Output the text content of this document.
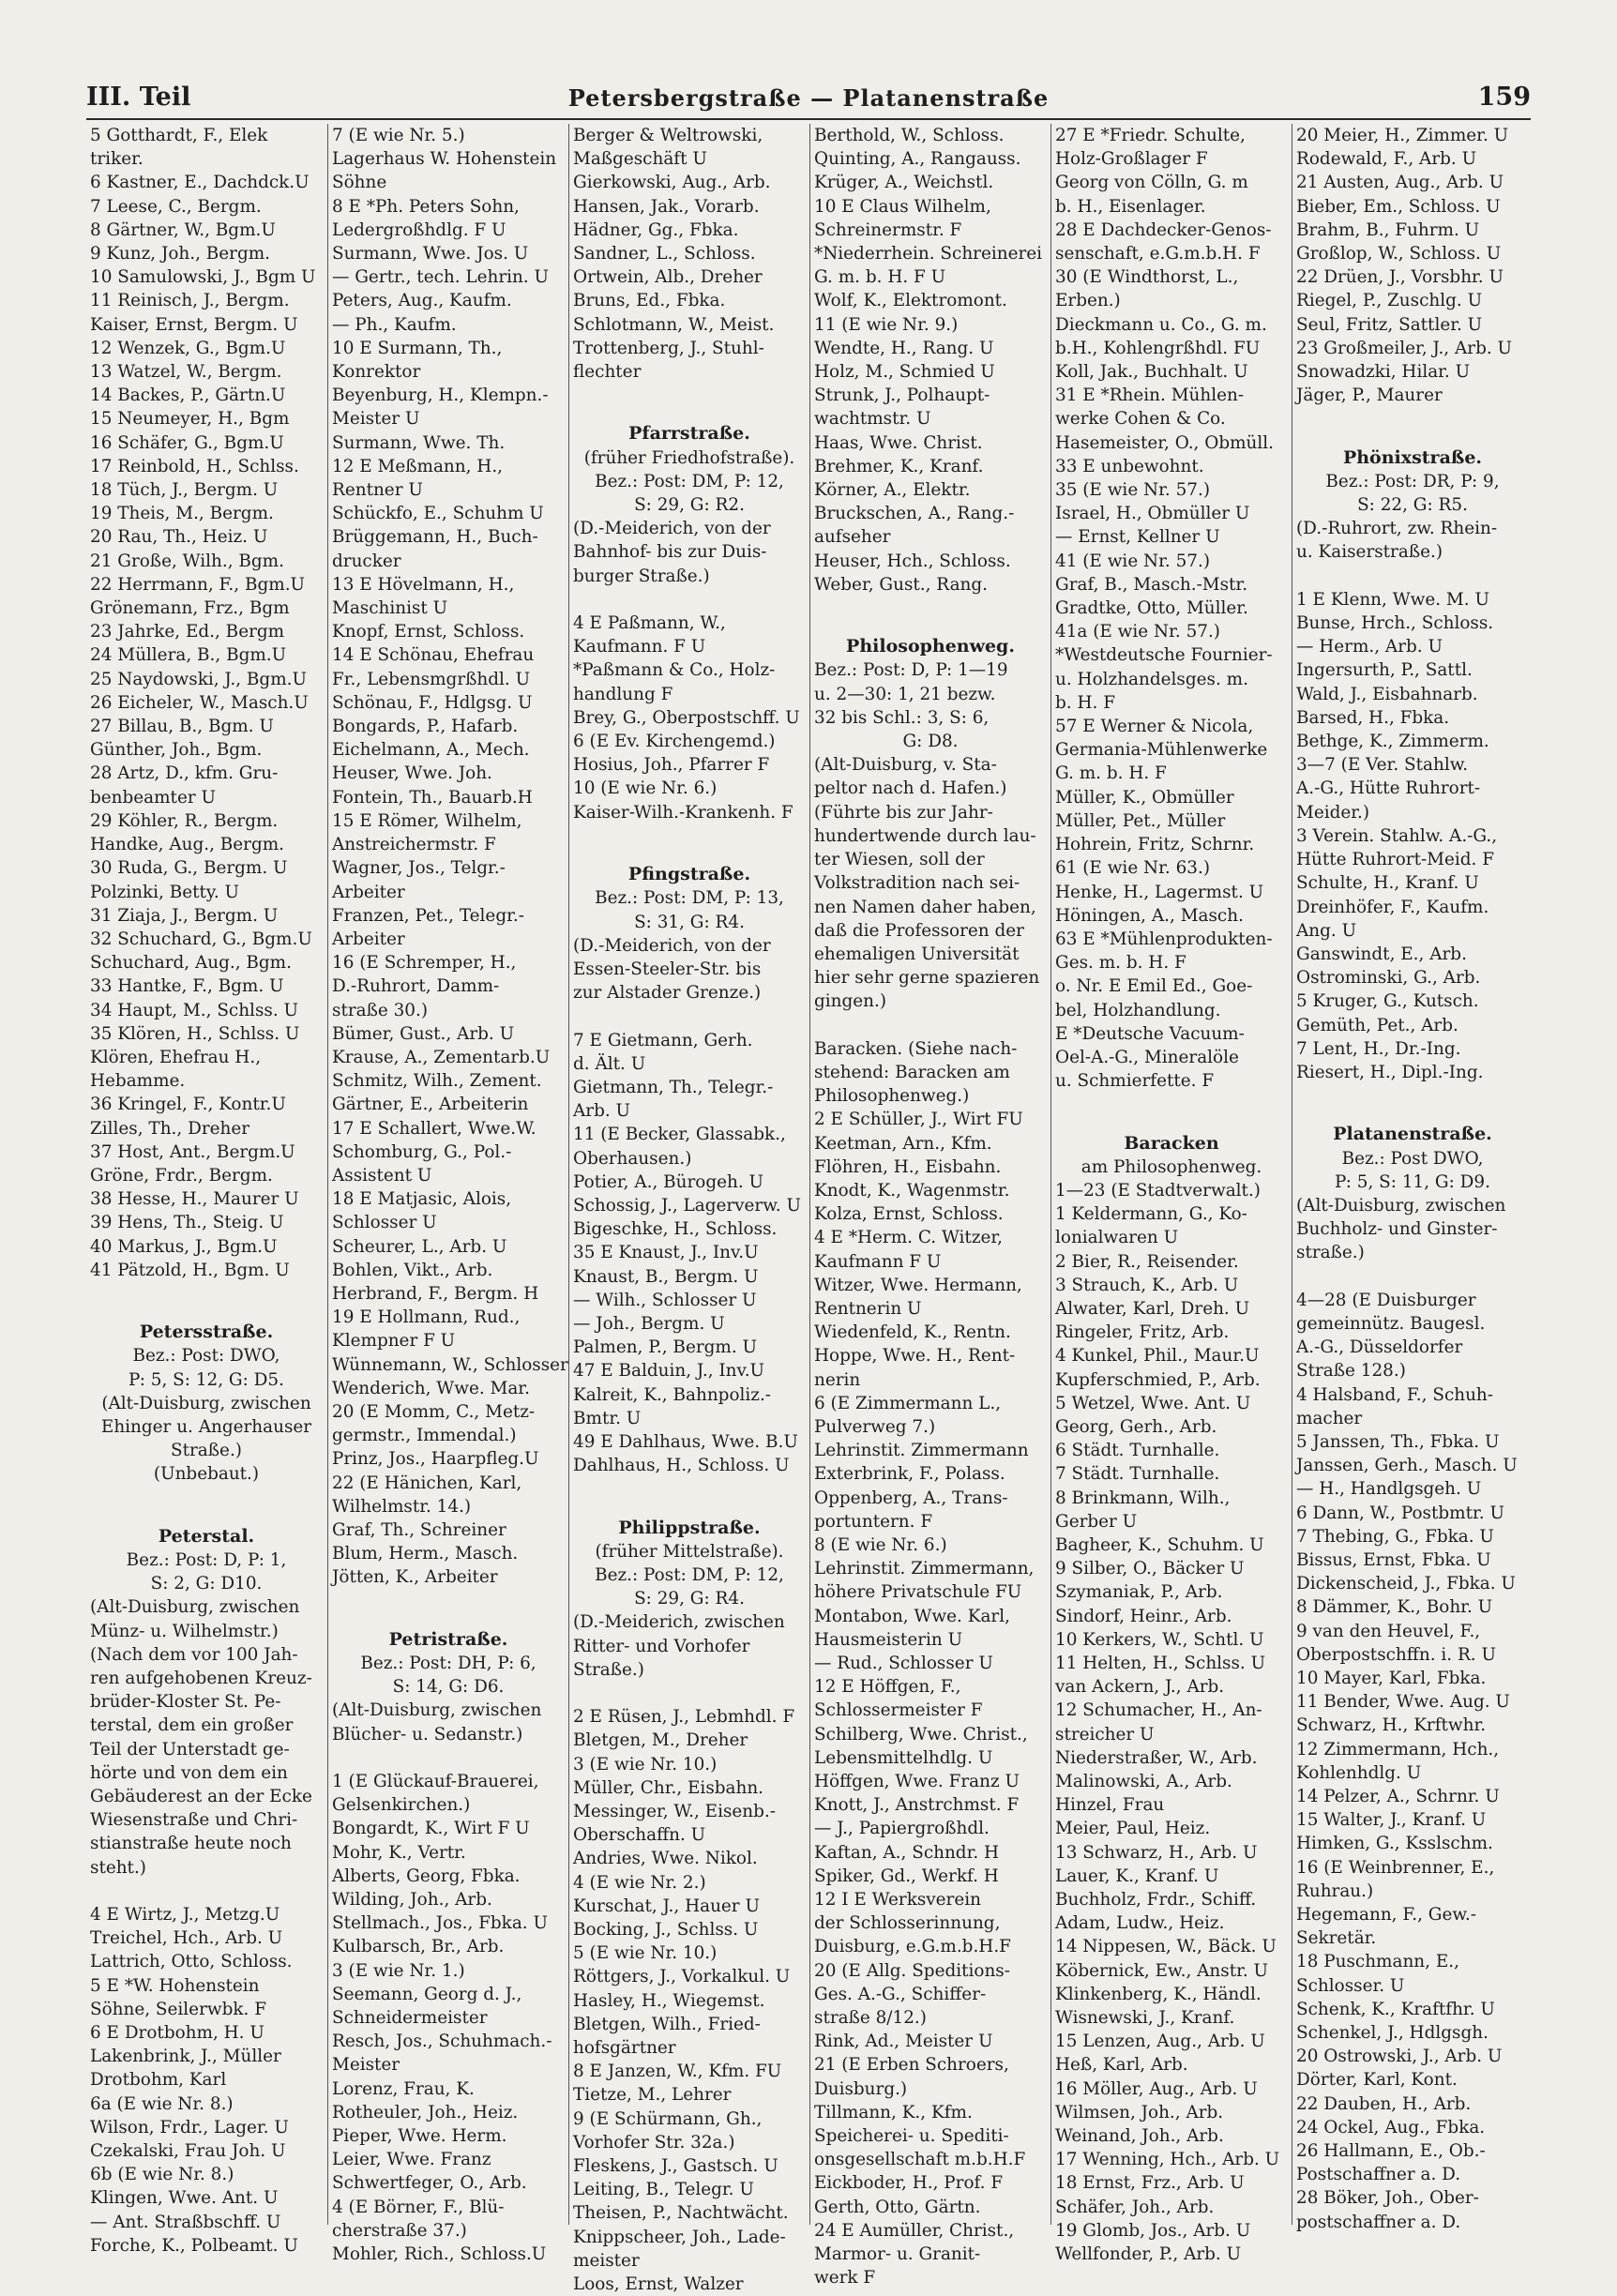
III. Teil	Petersbergstraße — Platanenstraße	159
5 Gotthardt, F., Elek
triker.
6 Kastner, E., Dachdck.U
7 Leese, C., Bergm.
8 Gärtner, W., Bgm.U
9 Kunz, Joh., Bergm.
10 Samulowski, J., Bgm U
11 Reinisch, J., Bergm.
Kaiser, Ernst, Bergm. U
12 Wenzek, G., Bgm.U
13 Watzel, W., Bergm.
14 Backes, P., Gärtn.U
15 Neumeyer, H., Bgm
16 Schäfer, G., Bgm.U
17 Reinbold, H., Schlss.
18 Tüch, J., Bergm. U
19 Theis, M., Bergm.
20 Rau, Th., Heiz. U
21 Große, Wilh., Bgm.
22 Herrmann, F., Bgm.U
Grönemann, Frz., Bgm
23 Jahrke, Ed., Bergm
24 Müllera, B., Bgm.U
25 Naydowski, J., Bgm.U
26 Eicheler, W., Masch.U
27 Billau, B., Bgm. U
Günther, Joh., Bgm.
28 Artz, D., kfm. Gru-
benbeamter U
29 Köhler, R., Bergm.
Handke, Aug., Bergm.
30 Ruda, G., Bergm. U
Polzinki, Betty. U
31 Ziaja, J., Bergm. U
32 Schuchard, G., Bgm.U
Schuchard, Aug., Bgm.
33 Hantke, F., Bgm. U
34 Haupt, M., Schlss. U
35 Klören, H., Schlss. U
Klören, Ehefrau H.,
Hebamme.
36 Kringel, F., Kontr.U
Zilles, Th., Dreher
37 Host, Ant., Bergm.U
Gröne, Frdr., Bergm.
38 Hesse, H., Maurer U
39 Hens, Th., Steig. U
40 Markus, J., Bgm.U
41 Pätzold, H., Bgm. U

Petersstraße.
Bez.: Post: DWO,
P: 5, S: 12, G: D5.
(Alt-Duisburg, zwischen
Ehinger u. Angerhauser
Straße.)
(Unbebaut.)

Peterstal.
Bez.: Post: D, P: 1,
S: 2, G: D10.
(Alt-Duisburg, zwischen
Münz- u. Wilhelmstr.)
(Nach dem vor 100 Jah-
ren aufgehobenen Kreuz-
brüder-Kloster St. Pe-
terstal, dem ein großer
Teil der Unterstadt ge-
hörte und von dem ein
Gebäuderest an der Ecke
Wiesenstraße und Chri-
stianstraße heute noch
steht.)

4 E Wirtz, J., Metzg.U
Treichel, Hch., Arb. U
Lattrich, Otto, Schloss.
5 E *W. Hohenstein
Söhne, Seilerwbk. F
6 E Drotbohm, H. U
Lakenbrink, J., Müller
Drotbohm, Karl
6a (E wie Nr. 8.)
Wilson, Frdr., Lager. U
Czekalski, Frau Joh. U
6b (E wie Nr. 8.)
Klingen, Wwe. Ant. U
— Ant. Straßbschff. U
Forche, K., Polbeamt. U
7 (E wie Nr. 5.)
Lagerhaus W. Hohenstein
Söhne
8 E *Ph. Peters Sohn,
Ledergroßhdlg. F U
Surmann, Wwe. Jos. U
— Gertr., tech. Lehrin. U
Peters, Aug., Kaufm.
— Ph., Kaufm.
10 E Surmann, Th.,
Konrektor
Beyenburg, H., Klempn.-
Meister U
Surmann, Wwe. Th.
12 E Meßmann, H.,
Rentner U
Schückfo, E., Schuhm U
Brüggemann, H., Buch-
drucker
13 E Hövelmann, H.,
Maschinist U
Knopf, Ernst, Schloss.
14 E Schönau, Ehefrau
Fr., Lebensmgrßhdl. U
Schönau, F., Hdlgsg. U
Bongards, P., Hafarb.
Eichelmann, A., Mech.
Heuser, Wwe. Joh.
Fontein, Th., Bauarb.H
15 E Römer, Wilhelm,
Anstreichermstr. F
Wagner, Jos., Telgr.-
Arbeiter
Franzen, Pet., Telegr.-
Arbeiter
16 (E Schremper, H.,
D.-Ruhrort, Damm-
straße 30.)
Bümer, Gust., Arb. U
Krause, A., Zementarb.U
Schmitz, Wilh., Zement.
Gärtner, E., Arbeiterin
17 E Schallert, Wwe.W.
Schomburg, G., Pol.-
Assistent U
18 E Matjasic, Alois,
Schlosser U
Scheurer, L., Arb. U
Bohlen, Vikt., Arb.
Herbrand, F., Bergm. H
19 E Hollmann, Rud.,
Klempner F U
Wünnemann, W., Schlosser
Wenderich, Wwe. Mar.
20 (E Momm, C., Metz-
germstr., Immendal.)
Prinz, Jos., Haarpfleg.U
22 (E Hänichen, Karl,
Wilhelmstr. 14.)
Graf, Th., Schreiner
Blum, Herm., Masch.
Jötten, K., Arbeiter

Petristraße.
Bez.: Post: DH, P: 6,
S: 14, G: D6.
(Alt-Duisburg, zwischen
Blücher- u. Sedanstr.)

1 (E Glückauf-Brauerei,
Gelsenkirchen.)
Bongardt, K., Wirt F U
Mohr, K., Vertr.
Alberts, Georg, Fbka.
Wilding, Joh., Arb.
Stellmach., Jos., Fbka. U
Kulbarsch, Br., Arb.
3 (E wie Nr. 1.)
Seemann, Georg d. J.,
Schneidermeister
Resch, Jos., Schuhmach.-
Meister
Lorenz, Frau, K.
Rotheuler, Joh., Heiz.
Pieper, Wwe. Herm.
Leier, Wwe. Franz
Schwertfeger, O., Arb.
4 (E Börner, F., Blü-
cherstraße 37.)
Mohler, Rich., Schloss.U
Berger & Weltrowski,
Maßgeschäft U
Gierkowski, Aug., Arb.
Hansen, Jak., Vorarb.
Hädner, Gg., Fbka.
Sandner, L., Schloss.
Ortwein, Alb., Dreher
Bruns, Ed., Fbka.
Schlotmann, W., Meist.
Trottenberg, J., Stuhl-
flechter

Pfarrstraße.
(früher Friedhofstraße).
Bez.: Post: DM, P: 12,
S: 29, G: R2.
(D.-Meiderich, von der
Bahnhof- bis zur Duis-
burger Straße.)

4 E Paßmann, W.,
Kaufmann. F U
*Paßmann & Co., Holz-
handlung F
Brey, G., Oberpostschff. U
6 (E Ev. Kirchengemd.)
Hosius, Joh., Pfarrer F
10 (E wie Nr. 6.)
Kaiser-Wilh.-Krankenh. F

Pfingstraße.
Bez.: Post: DM, P: 13,
S: 31, G: R4.
(D.-Meiderich, von der
Essen-Steeler-Str. bis
zur Alstader Grenze.)

7 E Gietmann, Gerh.
d. Ält. U
Gietmann, Th., Telegr.-
Arb. U
11 (E Becker, Glassabk.,
Oberhausen.)
Potier, A., Bürogeh. U
Schossig, J., Lagerverw. U
Bigeschke, H., Schloss.
35 E Knaust, J., Inv.U
Knaust, B., Bergm. U
— Wilh., Schlosser U
— Joh., Bergm. U
Palmen, P., Bergm. U
47 E Balduin, J., Inv.U
Kalreit, K., Bahnpoliz.-
Bmtr. U
49 E Dahlhaus, Wwe. B.U
Dahlhaus, H., Schloss. U

Philippstraße.
(früher Mittelstraße).
Bez.: Post: DM, P: 12,
S: 29, G: R4.
(D.-Meiderich, zwischen
Ritter- und Vorhofer
Straße.)

2 E Rüsen, J., Lebmhdl. F
Bletgen, M., Dreher
3 (E wie Nr. 10.)
Müller, Chr., Eisbahn.
Messinger, W., Eisenb.-
Oberschaffn. U
Andries, Wwe. Nikol.
4 (E wie Nr. 2.)
Kurschat, J., Hauer U
Bocking, J., Schlss. U
5 (E wie Nr. 10.)
Röttgers, J., Vorkalkul. U
Hasley, H., Wiegemst.
Bletgen, Wilh., Fried-
hofsgärtner
8 E Janzen, W., Kfm. FU
Tietze, M., Lehrer
9 (E Schürmann, Gh.,
Vorhofer Str. 32a.)
Fleskens, J., Gastsch. U
Leiting, B., Telegr. U
Theisen, P., Nachtwächt.
Knippscheer, Joh., Lade-
meister
Loos, Ernst, Walzer
Berthold, W., Schloss.
Quinting, A., Rangauss.
Krüger, A., Weichstl.
10 E Claus Wilhelm,
Schreinermstr. F
*Niederrhein. Schreinerei
G. m. b. H. F U
Wolf, K., Elektromont.
11 (E wie Nr. 9.)
Wendte, H., Rang. U
Holz, M., Schmied U
Strunk, J., Polhaupt-
wachtmstr. U
Haas, Wwe. Christ.
Brehmer, K., Kranf.
Körner, A., Elektr.
Bruckschen, A., Rang.-
aufseher
Heuser, Hch., Schloss.
Weber, Gust., Rang.

Philosophenweg.
Bez.: Post: D, P: 1—19
u. 2—30: 1, 21 bezw.
32 bis Schl.: 3, S: 6,
G: D8.
(Alt-Duisburg, v. Sta-
peltor nach d. Hafen.)
(Führte bis zur Jahr-
hundertwende durch lau-
ter Wiesen, soll der
Volkstradition nach sei-
nen Namen daher haben,
daß die Professoren der
ehemaligen Universität
hier sehr gerne spazieren
gingen.)

Baracken. (Siehe nach-
stehend: Baracken am
Philosophenweg.)
2 E Schüller, J., Wirt FU
Keetman, Arn., Kfm.
Flöhren, H., Eisbahn.
Knodt, K., Wagenmstr.
Kolza, Ernst, Schloss.
4 E *Herm. C. Witzer,
Kaufmann F U
Witzer, Wwe. Hermann,
Rentnerin U
Wiedenfeld, K., Rentn.
Hoppe, Wwe. H., Rent-
nerin
6 (E Zimmermann L.,
Pulverweg 7.)
Lehrinstit. Zimmermann
Exterbrink, F., Polass.
Oppenberg, A., Trans-
portuntern. F
8 (E wie Nr. 6.)
Lehrinstit. Zimmermann,
höhere Privatschule FU
Montabon, Wwe. Karl,
Hausmeisterin U
— Rud., Schlosser U
12 E Höffgen, F.,
Schlossermeister F
Schilberg, Wwe. Christ.,
Lebensmittelhdlg. U
Höffgen, Wwe. Franz U
Knott, J., Anstrchmst. F
— J., Papiergroßhdl.
Kaftan, A., Schndr. H
Spiker, Gd., Werkf. H
12 I E Werksverein
der Schlosserinnung,
Duisburg, e.G.m.b.H.F
20 (E Allg. Speditions-
Ges. A.-G., Schiffer-
straße 8/12.)
Rink, Ad., Meister U
21 (E Erben Schroers,
Duisburg.)
Tillmann, K., Kfm.
Speicherei- u. Spediti-
onsgesellschaft m.b.H.F
Eickboder, H., Prof. F
Gerth, Otto, Gärtn.
24 E Aumüller, Christ.,
Marmor- u. Granit-
werk F
27 E *Friedr. Schulte,
Holz-Großlager F
Georg von Cölln, G. m
b. H., Eisenlager.
28 E Dachdecker-Genos-
senschaft, e.G.m.b.H. F
30 (E Windthorst, L.,
Erben.)
Dieckmann u. Co., G. m.
b.H., Kohlengrßhdl. FU
Koll, Jak., Buchhalt. U
31 E *Rhein. Mühlen-
werke Cohen & Co.
Hasemeister, O., Obmüll.
33 E unbewohnt.
35 (E wie Nr. 57.)
Israel, H., Obmüller U
— Ernst, Kellner U
41 (E wie Nr. 57.)
Graf, B., Masch.-Mstr.
Gradtke, Otto, Müller.
41a (E wie Nr. 57.)
*Westdeutsche Fournier-
u. Holzhandelsges. m.
b. H. F
57 E Werner & Nicola,
Germania-Mühlenwerke
G. m. b. H. F
Müller, K., Obmüller
Müller, Pet., Müller
Hohrein, Fritz, Schrnr.
61 (E wie Nr. 63.)
Henke, H., Lagermst. U
Höningen, A., Masch.
63 E *Mühlenprodukten-
Ges. m. b. H. F
o. Nr. E Emil Ed., Goe-
bel, Holzhandlung.
E *Deutsche Vacuum-
Oel-A.-G., Mineralöle
u. Schmierfette. F

Baracken
am Philosophenweg.
1—23 (E Stadtverwalt.)
1 Keldermann, G., Ko-
lonialwaren U
2 Bier, R., Reisender.
3 Strauch, K., Arb. U
Alwater, Karl, Dreh. U
Ringeler, Fritz, Arb.
4 Kunkel, Phil., Maur.U
Kupferschmied, P., Arb.
5 Wetzel, Wwe. Ant. U
Georg, Gerh., Arb.
6 Städt. Turnhalle.
7 Städt. Turnhalle.
8 Brinkmann, Wilh.,
Gerber U
Bagheer, K., Schuhm. U
9 Silber, O., Bäcker U
Szymaniak, P., Arb.
Sindorf, Heinr., Arb.
10 Kerkers, W., Schtl. U
11 Helten, H., Schlss. U
van Ackern, J., Arb.
12 Schumacher, H., An-
streicher U
Niederstraßer, W., Arb.
Malinowski, A., Arb.
Hinzel, Frau
Meier, Paul, Heiz.
13 Schwarz, H., Arb. U
Lauer, K., Kranf. U
Buchholz, Frdr., Schiff.
Adam, Ludw., Heiz.
14 Nippesen, W., Bäck. U
Köbernick, Ew., Anstr. U
Klinkenberg, K., Händl.
Wisnewski, J., Kranf.
15 Lenzen, Aug., Arb. U
Heß, Karl, Arb.
16 Möller, Aug., Arb. U
Wilmsen, Joh., Arb.
Weinand, Joh., Arb.
17 Wenning, Hch., Arb. U
18 Ernst, Frz., Arb. U
Schäfer, Joh., Arb.
19 Glomb, Jos., Arb. U
Wellfonder, P., Arb. U
20 Meier, H., Zimmer. U
Rodewald, F., Arb. U
21 Austen, Aug., Arb. U
Bieber, Em., Schloss. U
Brahm, B., Fuhrm. U
Großlop, W., Schloss. U
22 Drüen, J., Vorsbhr. U
Riegel, P., Zuschlg. U
Seul, Fritz, Sattler. U
23 Großmeiler, J., Arb. U
Snowadzki, Hilar. U
Jäger, P., Maurer

Phönixstraße.
Bez.: Post: DR, P: 9,
S: 22, G: R5.
(D.-Ruhrort, zw. Rhein-
u. Kaiserstraße.)

1 E Klenn, Wwe. M. U
Bunse, Hrch., Schloss.
— Herm., Arb. U
Ingersurth, P., Sattl.
Wald, J., Eisbahnarb.
Barsed, H., Fbka.
Bethge, K., Zimmerm.
3—7 (E Ver. Stahlw.
A.-G., Hütte Ruhrort-
Meider.)
3 Verein. Stahlw. A.-G.,
Hütte Ruhrort-Meid. F
Schulte, H., Kranf. U
Dreinhöfer, F., Kaufm.
Ang. U
Ganswindt, E., Arb.
Ostrominski, G., Arb.
5 Kruger, G., Kutsch.
Gemüth, Pet., Arb.
7 Lent, H., Dr.-Ing.
Riesert, H., Dipl.-Ing.

Platanenstraße.
Bez.: Post DWO,
P: 5, S: 11, G: D9.
(Alt-Duisburg, zwischen
Buchholz- und Ginster-
straße.)

4—28 (E Duisburger
gemeinnütz. Baugesl.
A.-G., Düsseldorfer
Straße 128.)
4 Halsband, F., Schuh-
macher
5 Janssen, Th., Fbka. U
Janssen, Gerh., Masch. U
— H., Handlgsgeh. U
6 Dann, W., Postbmtr. U
7 Thebing, G., Fbka. U
Bissus, Ernst, Fbka. U
Dickenscheid, J., Fbka. U
8 Dämmer, K., Bohr. U
9 van den Heuvel, F.,
Oberpostschffn. i. R. U
10 Mayer, Karl, Fbka.
11 Bender, Wwe. Aug. U
Schwarz, H., Krftwhr.
12 Zimmermann, Hch.,
Kohlenhdlg. U
14 Pelzer, A., Schrnr. U
15 Walter, J., Kranf. U
Himken, G., Ksslschm.
16 (E Weinbrenner, E.,
Ruhrau.)
Hegemann, F., Gew.-
Sekretär.
18 Puschmann, E.,
Schlosser. U
Schenk, K., Kraftfhr. U
Schenkel, J., Hdlgsgh.
20 Ostrowski, J., Arb. U
Dörter, Karl, Kont.
22 Dauben, H., Arb.
24 Ockel, Aug., Fbka.
26 Hallmann, E., Ob.-
Postschaffner a. D.
28 Böker, Joh., Ober-
postschaffner a. D.
